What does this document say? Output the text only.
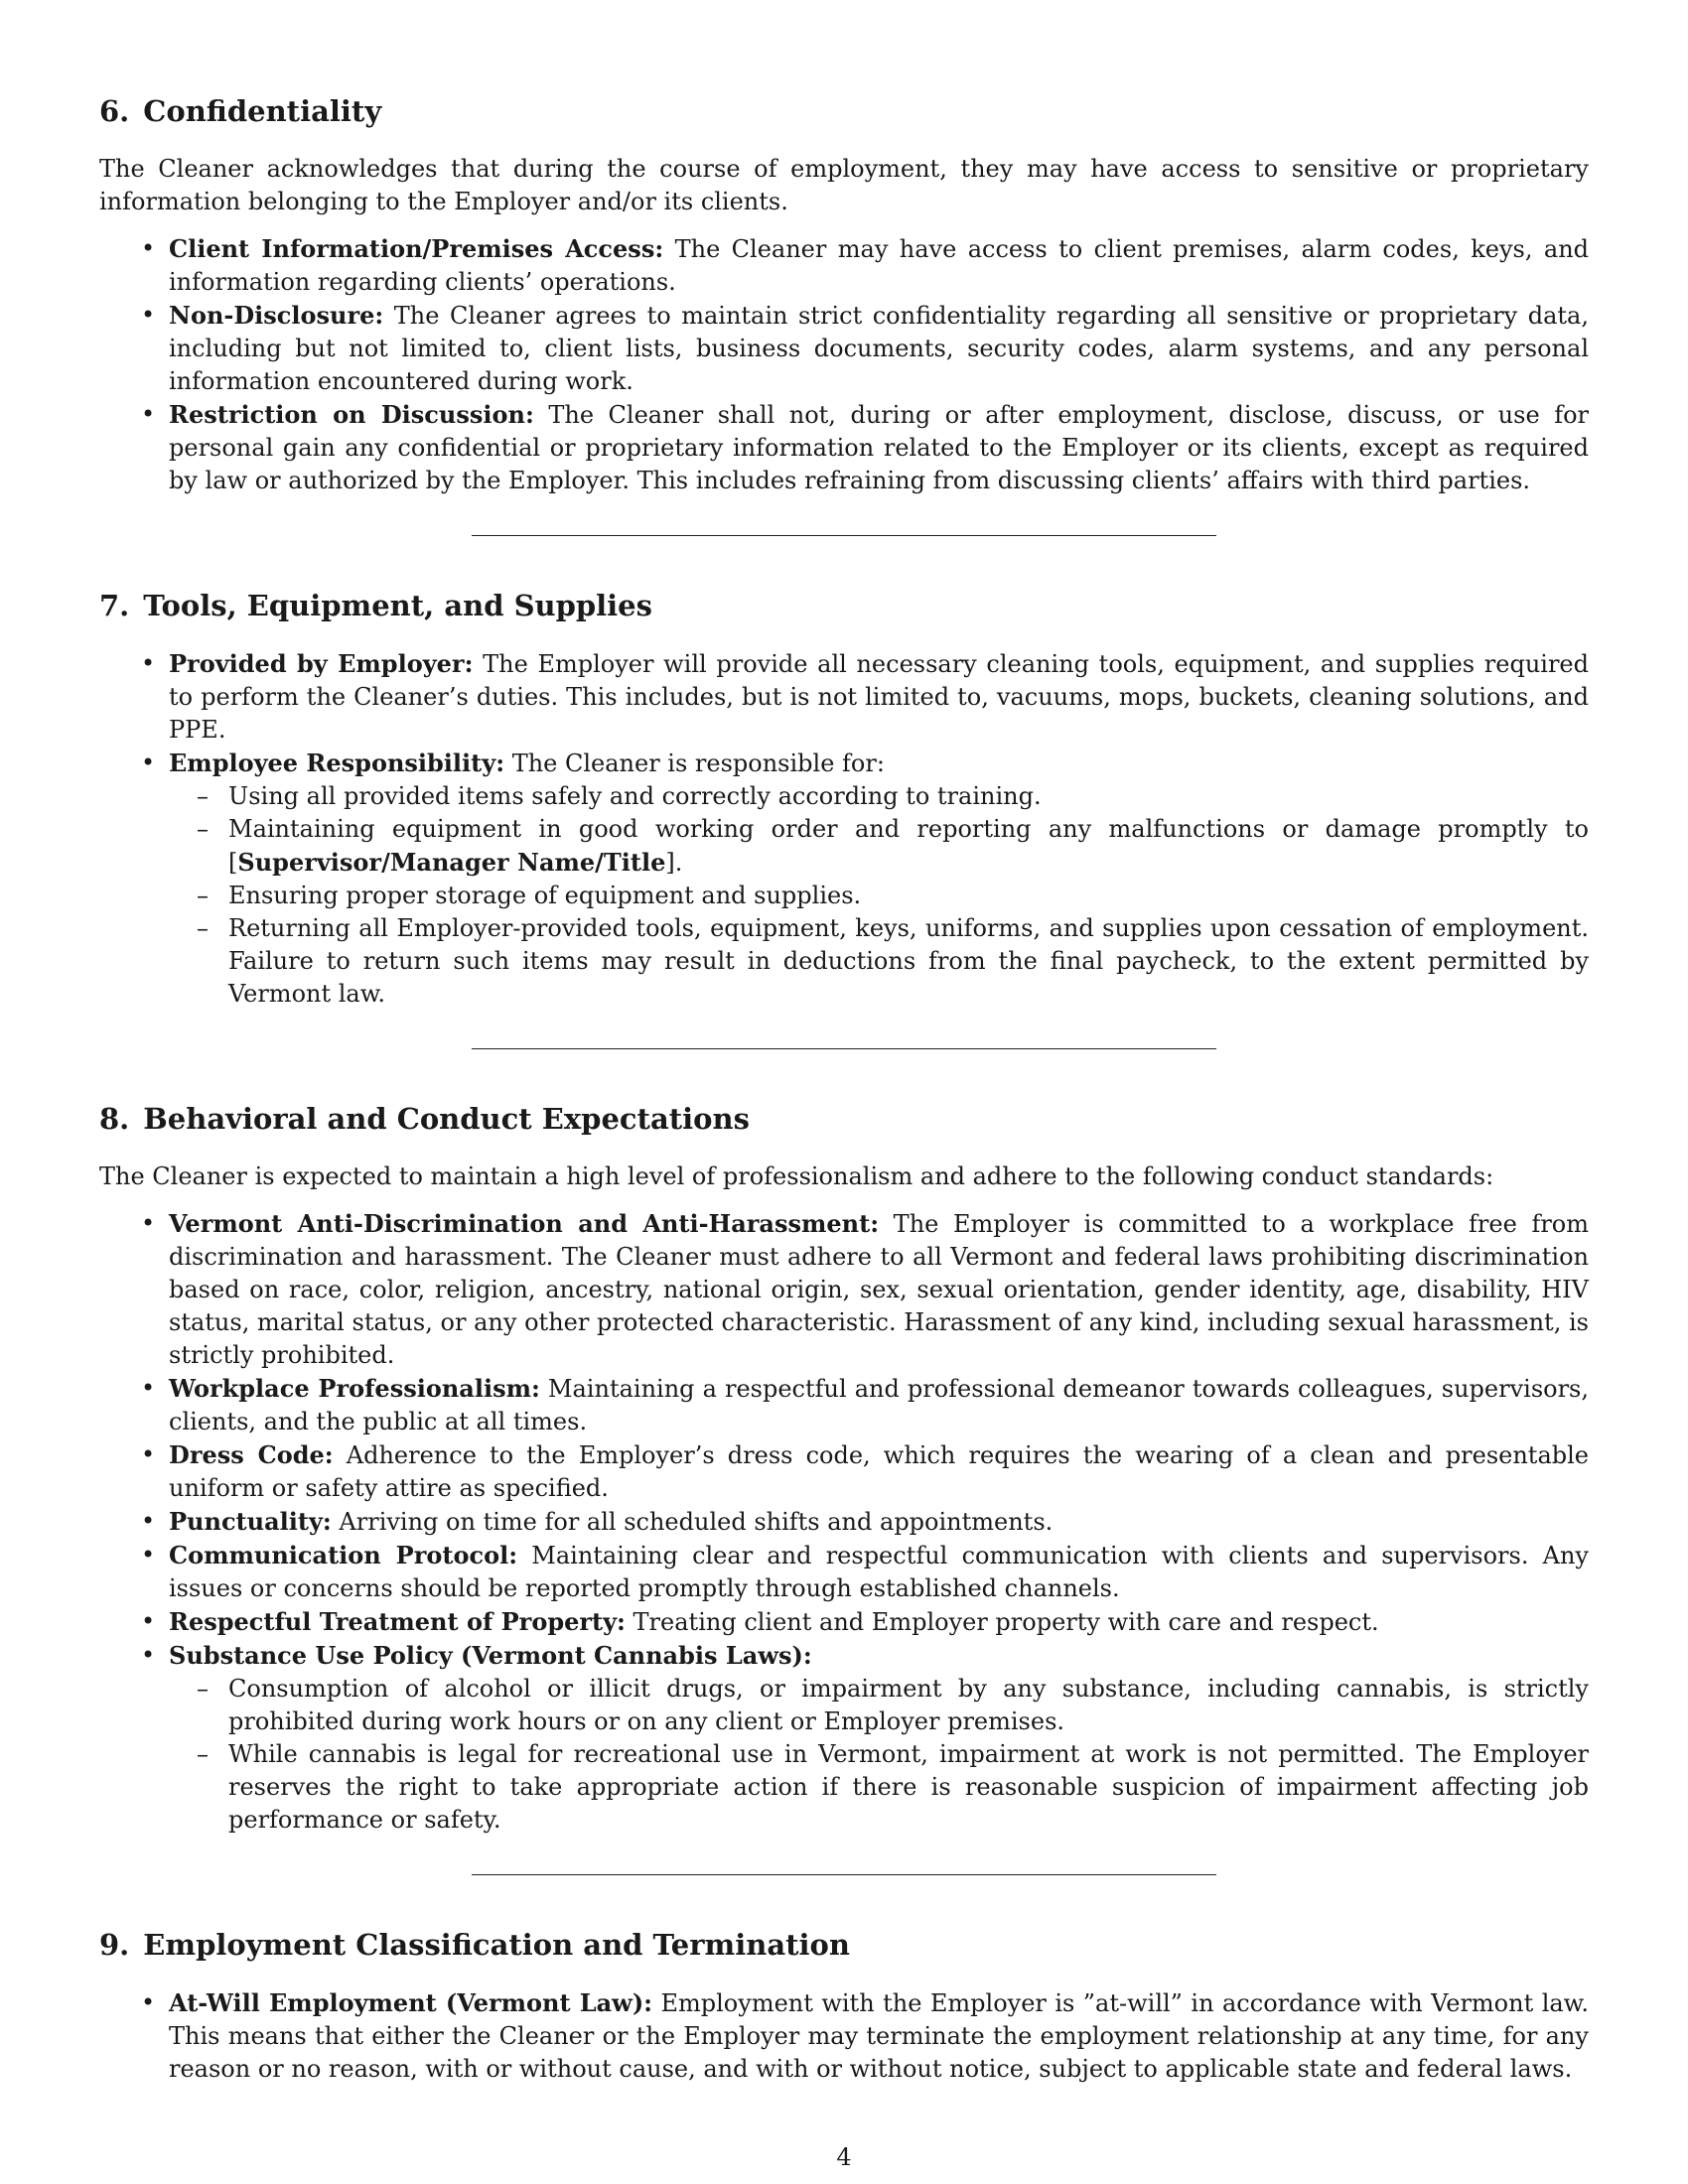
6. Confidentiality

The Cleaner acknowledges that during the course of employment, they may have access to sensitive or proprietary information belonging to the Employer and/or its clients.

• Client Information/Premises Access: The Cleaner may have access to client premises, alarm codes, keys, and information regarding clients’ operations.
• Non-Disclosure: The Cleaner agrees to maintain strict confidentiality regarding all sensitive or proprietary data, including but not limited to, client lists, business documents, security codes, alarm systems, and any personal information encountered during work.
• Restriction on Discussion: The Cleaner shall not, during or after employment, disclose, discuss, or use for personal gain any confidential or proprietary information related to the Employer or its clients, except as required by law or authorized by the Employer. This includes refraining from discussing clients’ affairs with third parties.
7. Tools, Equipment, and Supplies
• Provided by Employer: The Employer will provide all necessary cleaning tools, equipment, and supplies required to perform the Cleaner’s duties. This includes, but is not limited to, vacuums, mops, buckets, cleaning solutions, and PPE.
• Employee Responsibility: The Cleaner is responsible for:
– Using all provided items safely and correctly according to training.
– Maintaining equipment in good working order and reporting any malfunctions or damage promptly to [Supervisor/Manager Name/Title].
– Ensuring proper storage of equipment and supplies.
– Returning all Employer-provided tools, equipment, keys, uniforms, and supplies upon cessation of employment. Failure to return such items may result in deductions from the final paycheck, to the extent permitted by Vermont law.
8. Behavioral and Conduct Expectations

The Cleaner is expected to maintain a high level of professionalism and adhere to the following conduct standards:

• Vermont Anti-Discrimination and Anti-Harassment: The Employer is committed to a workplace free from discrimination and harassment. The Cleaner must adhere to all Vermont and federal laws prohibiting discrimination based on race, color, religion, ancestry, national origin, sex, sexual orientation, gender identity, age, disability, HIV status, marital status, or any other protected characteristic. Harassment of any kind, including sexual harassment, is strictly prohibited.
• Workplace Professionalism: Maintaining a respectful and professional demeanor towards colleagues, supervisors, clients, and the public at all times.
• Dress Code: Adherence to the Employer’s dress code, which requires the wearing of a clean and presentable uniform or safety attire as specified.
• Punctuality: Arriving on time for all scheduled shifts and appointments.
• Communication Protocol: Maintaining clear and respectful communication with clients and supervisors. Any issues or concerns should be reported promptly through established channels.
• Respectful Treatment of Property: Treating client and Employer property with care and respect.
• Substance Use Policy (Vermont Cannabis Laws):
– Consumption of alcohol or illicit drugs, or impairment by any substance, including cannabis, is strictly prohibited during work hours or on any client or Employer premises.
– While cannabis is legal for recreational use in Vermont, impairment at work is not permitted. The Employer reserves the right to take appropriate action if there is reasonable suspicion of impairment affecting job performance or safety.
9. Employment Classification and Termination
• At-Will Employment (Vermont Law): Employment with the Employer is ”at-will” in accordance with Vermont law. This means that either the Cleaner or the Employer may terminate the employment relationship at any time, for any reason or no reason, with or without cause, and with or without notice, subject to applicable state and federal laws.
4
